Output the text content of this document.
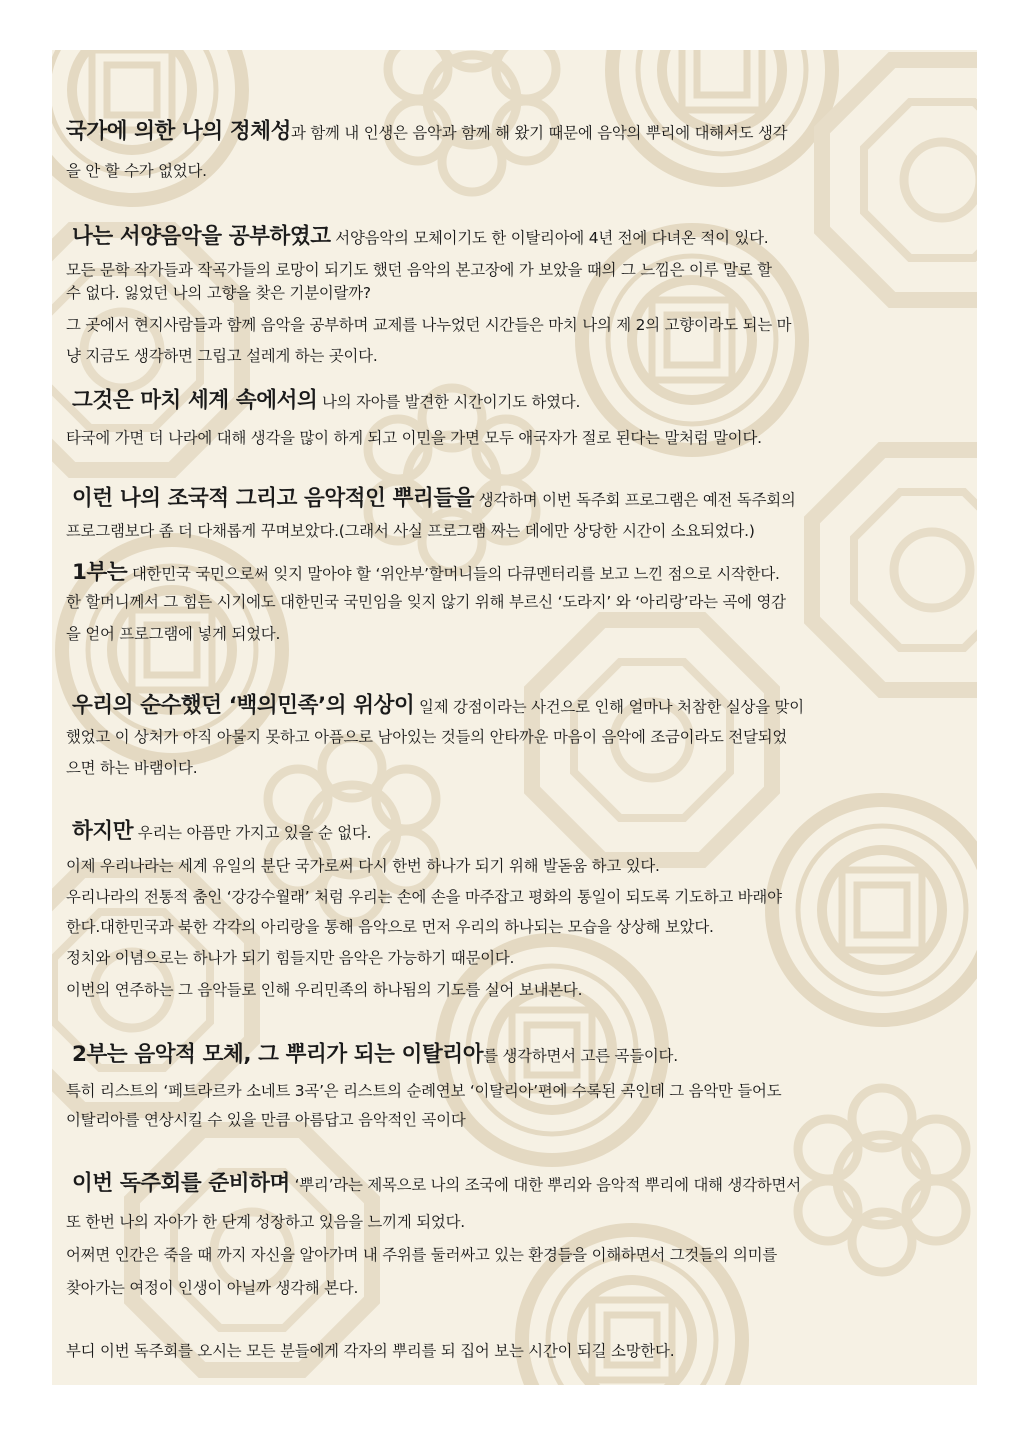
국가에 의한 나의 정체성과 함께 내 인생은 음악과 함께 해 왔기 때문에 음악의 뿌리에 대해서도 생각
을 안 할 수가 없었다.
나는 서양음악을 공부하였고 서양음악의 모체이기도 한 이탈리아에 4년 전에 다녀온 적이 있다.
모든 문학 작가들과 작곡가들의 로망이 되기도 했던 음악의 본고장에 가 보았을 때의 그 느낌은 이루 말로 할
수 없다. 잃었던 나의 고향을 찾은 기분이랄까?
그 곳에서 현지사람들과 함께 음악을 공부하며 교제를 나누었던 시간들은 마치 나의 제 2의 고향이라도 되는 마
냥 지금도 생각하면 그립고 설레게 하는 곳이다.
그것은 마치 세계 속에서의 나의 자아를 발견한 시간이기도 하였다.
타국에 가면 더 나라에 대해 생각을 많이 하게 되고 이민을 가면 모두 애국자가 절로 된다는 말처럼 말이다.
이런 나의 조국적 그리고 음악적인 뿌리들을 생각하며 이번 독주회 프로그램은 예전 독주회의
프로그램보다 좀 더 다채롭게 꾸며보았다.(그래서 사실 프로그램 짜는 데에만 상당한 시간이 소요되었다.)
1부는 대한민국 국민으로써 잊지 말아야 할 ‘위안부’할머니들의 다큐멘터리를 보고 느낀 점으로 시작한다.
한 할머니께서 그 힘든 시기에도 대한민국 국민임을 잊지 않기 위해 부르신 ‘도라지’ 와 ‘아리랑’라는 곡에 영감
을 얻어 프로그램에 넣게 되었다.
우리의 순수했던 ‘백의민족’의 위상이 일제 강점이라는 사건으로 인해 얼마나 처참한 실상을 맞이
했었고 이 상처가 아직 아물지 못하고 아픔으로 남아있는 것들의 안타까운 마음이 음악에 조금이라도 전달되었
으면 하는 바램이다.
하지만 우리는 아픔만 가지고 있을 순 없다.
이제 우리나라는 세계 유일의 분단 국가로써 다시 한번 하나가 되기 위해 발돋움 하고 있다.
우리나라의 전통적 춤인 ‘강강수월래’ 처럼 우리는 손에 손을 마주잡고 평화의 통일이 되도록 기도하고 바래야
한다.대한민국과 북한 각각의 아리랑을 통해 음악으로 먼저 우리의 하나되는 모습을 상상해 보았다.
정치와 이념으로는 하나가 되기 힘들지만 음악은 가능하기 때문이다.
이번의 연주하는 그 음악들로 인해 우리민족의 하나됨의 기도를 실어 보내본다.
2부는 음악적 모체, 그 뿌리가 되는 이탈리아를 생각하면서 고른 곡들이다.
특히 리스트의 ‘페트라르카 소네트 3곡’은 리스트의 순례연보 ‘이탈리아’편에 수록된 곡인데 그 음악만 들어도
이탈리아를 연상시킬 수 있을 만큼 아름답고 음악적인 곡이다
이번 독주회를 준비하며 ‘뿌리’라는 제목으로 나의 조국에 대한 뿌리와 음악적 뿌리에 대해 생각하면서
또 한번 나의 자아가 한 단계 성장하고 있음을 느끼게 되었다.
어쩌면 인간은 죽을 때 까지 자신을 알아가며 내 주위를 둘러싸고 있는 환경들을 이해하면서 그것들의 의미를
찾아가는 여정이 인생이 아닐까 생각해 본다.
부디 이번 독주회를 오시는 모든 분들에게 각자의 뿌리를 되 집어 보는 시간이 되길 소망한다.
